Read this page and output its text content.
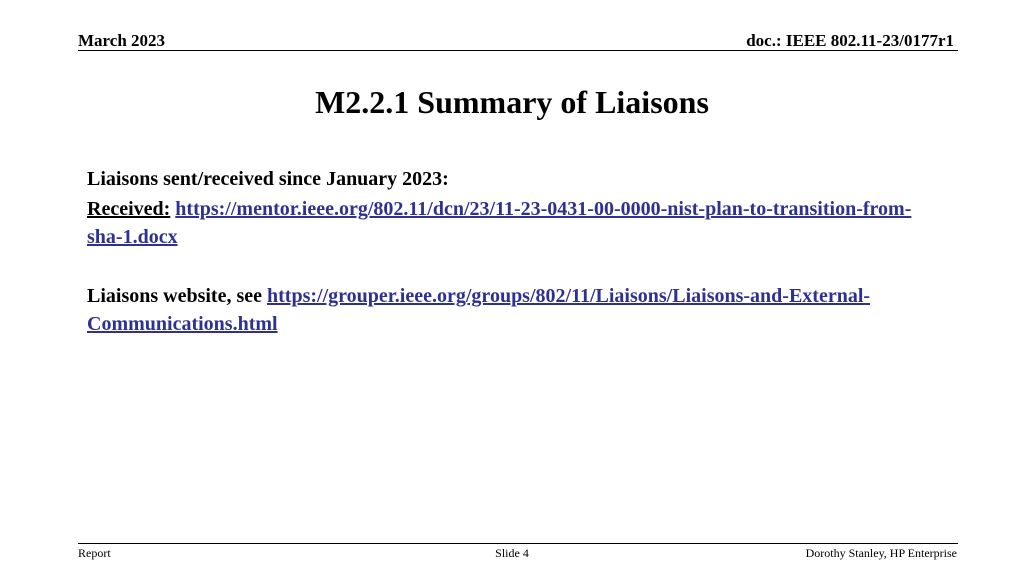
March 2023	doc.: IEEE 802.11-23/0177r1
M2.2.1 Summary of Liaisons

Liaisons sent/received since January 2023:

Received: https://mentor.ieee.org/802.11/dcn/23/11-23-0431-00-0000-nist-plan-to-transition-from-sha-1.docx

Liaisons website, see https://grouper.ieee.org/groups/802/11/Liaisons/Liaisons-and-External-Communications.html

Report	Slide 4	Dorothy Stanley, HP Enterprise
